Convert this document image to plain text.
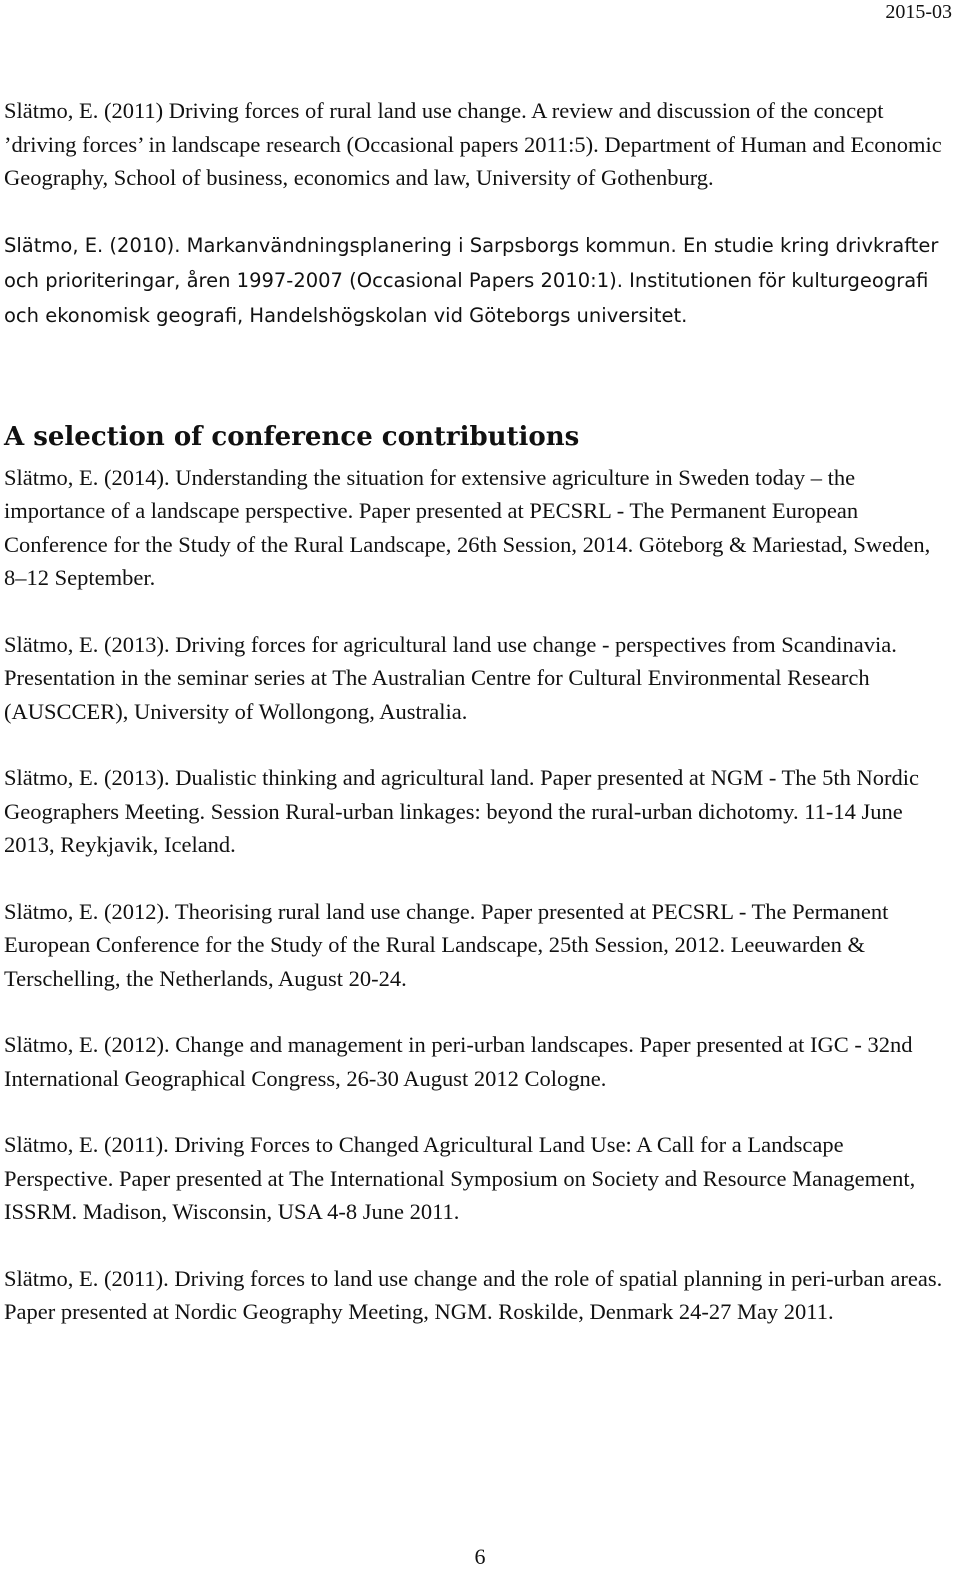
2015-03

Slätmo, E. (2011) Driving forces of rural land use change. A review and discussion of the concept ’driving forces’ in landscape research (Occasional papers 2011:5). Department of Human and Economic Geography, School of business, economics and law, University of Gothenburg.

Slätmo, E. (2010). Markanvändningsplanering i Sarpsborgs kommun. En studie kring drivkrafter och prioriteringar, åren 1997-2007 (Occasional Papers 2010:1). Institutionen för kulturgeografi och ekonomisk geografi, Handelshögskolan vid Göteborgs universitet.

A selection of conference contributions

Slätmo, E. (2014). Understanding the situation for extensive agriculture in Sweden today – the importance of a landscape perspective. Paper presented at PECSRL - The Permanent European Conference for the Study of the Rural Landscape, 26th Session, 2014. Göteborg & Mariestad, Sweden, 8–12 September.

Slätmo, E. (2013). Driving forces for agricultural land use change - perspectives from Scandinavia. Presentation in the seminar series at The Australian Centre for Cultural Environmental Research (AUSCCER), University of Wollongong, Australia.

Slätmo, E. (2013). Dualistic thinking and agricultural land. Paper presented at NGM - The 5th Nordic Geographers Meeting. Session Rural-urban linkages: beyond the rural-urban dichotomy. 11-14 June 2013, Reykjavik, Iceland.

Slätmo, E. (2012). Theorising rural land use change. Paper presented at PECSRL - The Permanent European Conference for the Study of the Rural Landscape, 25th Session, 2012. Leeuwarden & Terschelling, the Netherlands, August 20-24.

Slätmo, E. (2012). Change and management in peri-urban landscapes. Paper presented at IGC - 32nd International Geographical Congress, 26-30 August 2012 Cologne.

Slätmo, E. (2011). Driving Forces to Changed Agricultural Land Use: A Call for a Landscape Perspective. Paper presented at The International Symposium on Society and Resource Management, ISSRM. Madison, Wisconsin, USA 4-8 June 2011.

Slätmo, E. (2011). Driving forces to land use change and the role of spatial planning in peri-urban areas. Paper presented at Nordic Geography Meeting, NGM. Roskilde, Denmark 24-27 May 2011.

6
